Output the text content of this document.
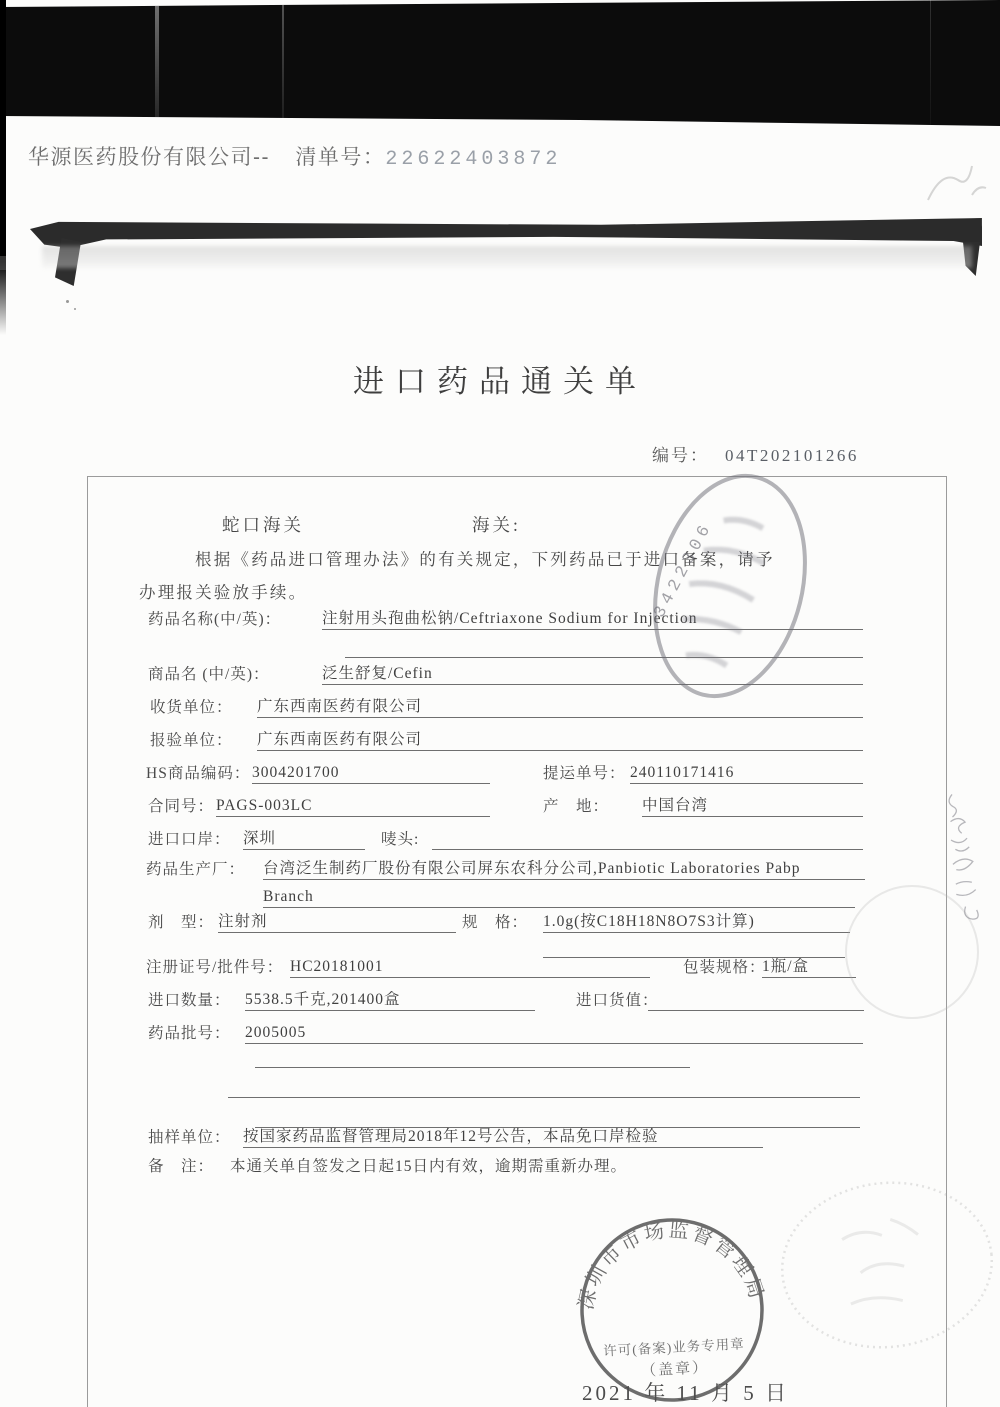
华源医药股份有限公司-- 清单号：22622403872
进口药品通关单
编号： 04T202101266
蛇口海关	海关:
根据《药品进口管理办法》的有关规定，下列药品已于进口备案，请予
办理报关验放手续。
药品名称(中/英)：	注射用头孢曲松钠/Ceftriaxone Sodium for Injection
商品名 (中/英)：	泛生舒复/Cefin
收货单位： 广东西南医药有限公司
报验单位： 广东西南医药有限公司
HS商品编码： 3004201700	提运单号： 240110171416
合同号： PAGS-003LC	产　地： 中国台湾
进口口岸： 深圳	唛头:
药品生产厂： 台湾泛生制药厂股份有限公司屏东农科分公司,Panbiotic Laboratories Pabp
Branch
剂　型： 注射剂	规　格： 1.0g(按C18H18N8O7S3计算)
注册证号/批件号： HC20181001	包装规格：
1瓶/盒
进口数量： 5538.5千克,201400盒	进口货值：
药品批号： 2005005
抽样单位： 按国家药品监督管理局2018年12号公告，本品免口岸检验
备　注： 本通关单自签发之日起15日内有效，逾期需重新办理。
3422306
深圳市市场监督管理局
许可(备案)业务专用章
（盖章）
2021 年 11 月 5 日
